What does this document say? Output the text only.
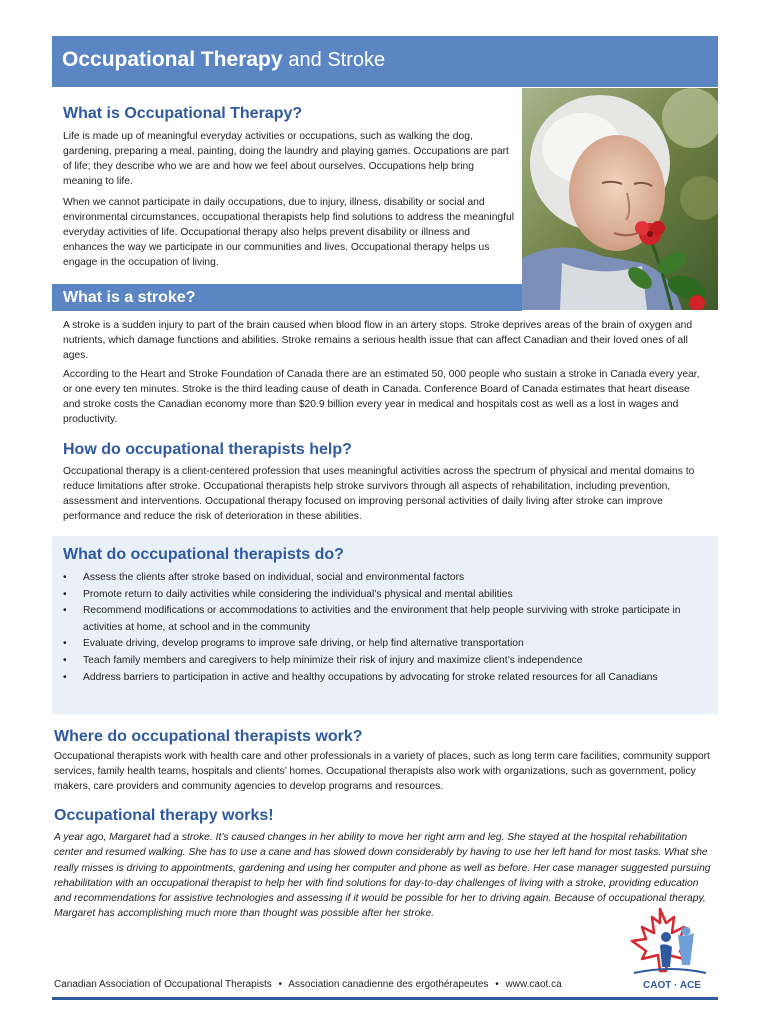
Occupational Therapy and Stroke
What is Occupational Therapy?

Life is made up of meaningful everyday activities or occupations, such as walking the dog, gardening, preparing a meal, painting, doing the laundry and playing games. Occupations are part of life; they describe who we are and how we feel about ourselves. Occupations help bring meaning to life.

When we cannot participate in daily occupations, due to injury, illness, disability or social and environmental circumstances, occupational therapists help find solutions to address the meaningful everyday activities of life. Occupational therapy also helps prevent disability or illness and enhances the way we participate in our communities and lives. Occupational therapy helps us engage in the occupation of living.

What is a stroke?

A stroke is a sudden injury to part of the brain caused when blood flow in an artery stops. Stroke deprives areas of the brain of oxygen and nutrients, which damage functions and abilities. Stroke remains a serious health issue that can affect Canadian and their loved ones of all ages.

According to the Heart and Stroke Foundation of Canada there are an estimated 50, 000 people who sustain a stroke in Canada every year, or one every ten minutes. Stroke is the third leading cause of death in Canada. Conference Board of Canada estimates that heart disease and stroke costs the Canadian economy more than $20.9 billion every year in medical and hospitals cost as well as a lost in wages and productivity.

How do occupational therapists help?

Occupational therapy is a client-centered profession that uses meaningful activities across the spectrum of physical and mental domains to reduce limitations after stroke. Occupational therapists help stroke survivors through all aspects of rehabilitation, including prevention, assessment and interventions. Occupational therapy focused on improving personal activities of daily living after stroke can improve performance and reduce the risk of deterioration in these abilities.

What do occupational therapists do?
• Assess the clients after stroke based on individual, social and environmental factors
• Promote return to daily activities while considering the individual’s physical and mental abilities
• Recommend modifications or accommodations to activities and the environment that help people surviving with stroke participate in activities at home, at school and in the community
• Evaluate driving, develop programs to improve safe driving, or help find alternative transportation
• Teach family members and caregivers to help minimize their risk of injury and maximize client’s independence
• Address barriers to participation in active and healthy occupations by advocating for stroke related resources for all Canadians
Where do occupational therapists work?

Occupational therapists work with health care and other professionals in a variety of places, such as long term care facilities, community support services, family health teams, hospitals and clients’ homes. Occupational therapists also work with organizations, such as government, policy makers, care providers and community agencies to develop programs and resources.

Occupational therapy works!

A year ago, Margaret had a stroke. It’s caused changes in her ability to move her right arm and leg. She stayed at the hospital rehabilitation center and resumed walking. She has to use a cane and has slowed down considerably by having to use her left hand for most tasks. What she really misses is driving to appointments, gardening and using her computer and phone as well as before. Her case manager suggested pursuing rehabilitation with an occupational therapist to help her with find solutions for day-to-day challenges of living with a stroke, providing education and recommendations for assistive technologies and assessing if it would be possible for her to driving again. Because of occupational therapy, Margaret has accomplishing much more than thought was possible after her stroke.

CAOT · ACE
Canadian Association of Occupational Therapists • Association canadienne des ergothérapeutes • www.caot.ca
